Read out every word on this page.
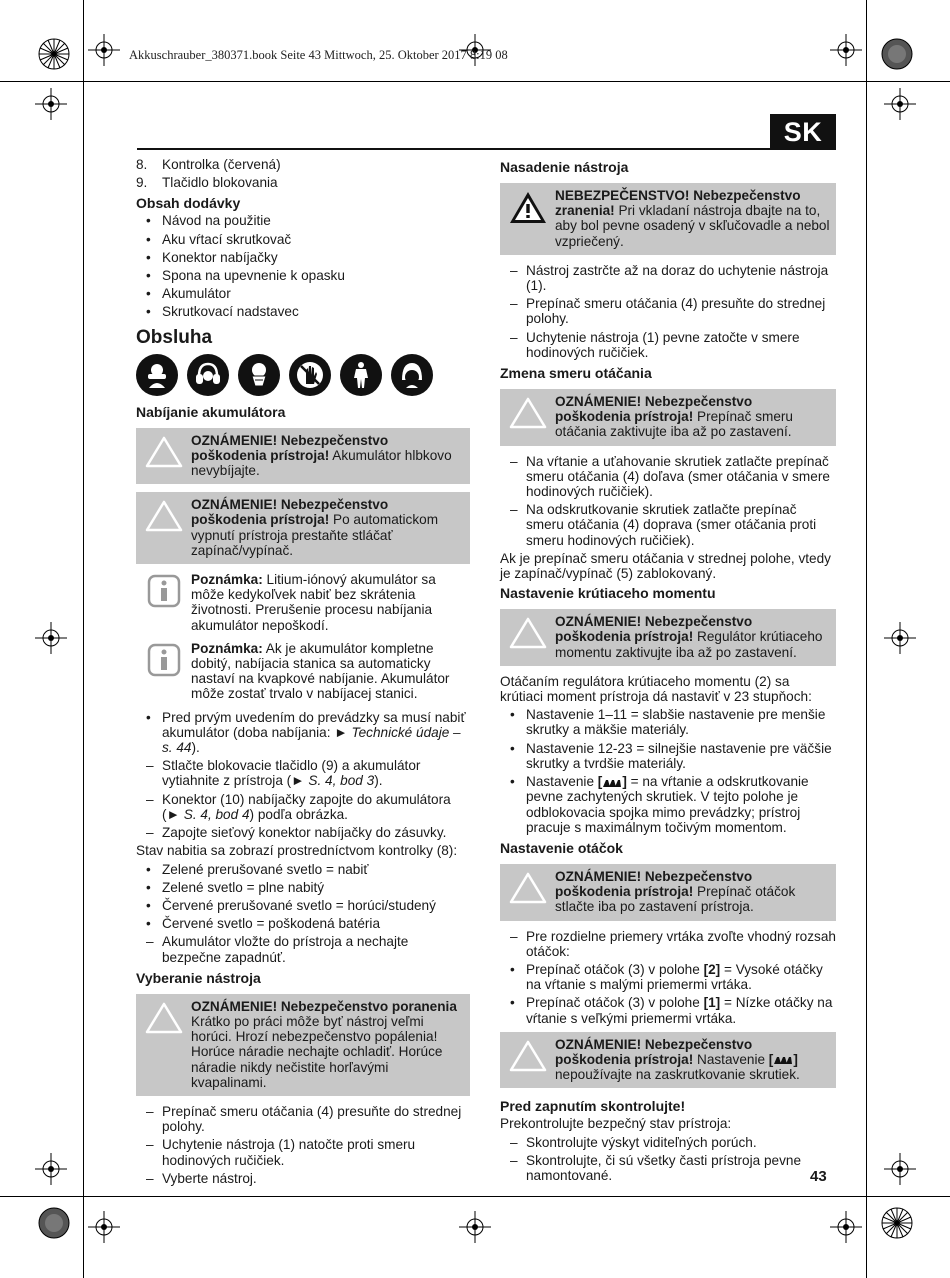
Akkuschrauber_380371.book Seite 43 Mittwoch, 25. Oktober 2017 8:19 08
SK
8.	Kontrolka (červená)
9.	Tlačidlo blokovania
Obsah dodávky
• Návod na použitie
• Aku vŕtací skrutkovač
• Konektor nabíjačky
• Spona na upevnenie k opasku
• Akumulátor
• Skrutkovací nadstavec
Obsluha
Nabíjanie akumulátora
OZNÁMENIE! Nebezpečenstvo poškodenia prístroja! Akumulátor hlbkovo nevybíjajte.
OZNÁMENIE! Nebezpečenstvo poškodenia prístroja! Po automatickom vypnutí prístroja prestaňte stláčať zapínač/vypínač.
Poznámka: Litium-iónový akumulátor sa môže kedykoľvek nabiť bez skrátenia životnosti. Prerušenie procesu nabíjania akumulátor nepoškodí.
Poznámka: Ak je akumulátor kompletne dobitý, nabíjacia stanica sa automaticky nastaví na kvapkové nabíjanie. Akumulátor môže zostať trvalo v nabíjacej stanici.
• Pred prvým uvedením do prevádzky sa musí nabiť akumulátor (doba nabíjania: ► Technické údaje – s. 44).
– Stlačte blokovacie tlačidlo (9) a akumulátor vytiahnite z prístroja (► S. 4, bod 3).
– Konektor (10) nabíjačky zapojte do akumulátora (► S. 4, bod 4) podľa obrázka.
– Zapojte sieťový konektor nabíjačky do zásuvky.

Stav nabitia sa zobrazí prostredníctvom kontrolky (8):

• Zelené prerušované svetlo = nabiť
• Zelené svetlo = plne nabitý
• Červené prerušované svetlo = horúci/studený
• Červené svetlo = poškodená batéria
– Akumulátor vložte do prístroja a nechajte bezpečne zapadnúť.
Vyberanie nástroja
OZNÁMENIE! Nebezpečenstvo poranenia Krátko po práci môže byť nástroj veľmi horúci. Hrozí nebezpečenstvo popálenia! Horúce náradie nechajte ochladiť. Horúce náradie nikdy nečistite horľavými kvapalinami.
– Prepínač smeru otáčania (4) presuňte do strednej polohy.
– Uchytenie nástroja (1) natočte proti smeru hodinových ručičiek.
– Vyberte nástroj.
Nasadenie nástroja
NEBEZPEČENSTVO! Nebezpečenstvo zranenia! Pri vkladaní nástroja dbajte na to, aby bol pevne osadený v skľučovadle a nebol vzpriečený.
– Nástroj zastrčte až na doraz do uchytenie nástroja (1).
– Prepínač smeru otáčania (4) presuňte do strednej polohy.
– Uchytenie nástroja (1) pevne zatočte v smere hodinových ručičiek.
Zmena smeru otáčania
OZNÁMENIE! Nebezpečenstvo poškodenia prístroja! Prepínač smeru otáčania zaktivujte iba až po zastavení.
– Na vŕtanie a uťahovanie skrutiek zatlačte prepínač smeru otáčania (4) doľava (smer otáčania v smere hodinových ručičiek).
– Na odskrutkovanie skrutiek zatlačte prepínač smeru otáčania (4) doprava (smer otáčania proti smeru hodinových ručičiek).

Ak je prepínač smeru otáčania v strednej polohe, vtedy je zapínač/vypínač (5) zablokovaný.

Nastavenie krútiaceho momentu
OZNÁMENIE! Nebezpečenstvo poškodenia prístroja! Regulátor krútiaceho momentu zaktivujte iba až po zastavení.

Otáčaním regulátora krútiaceho momentu (2) sa krútiaci moment prístroja dá nastaviť v 23 stupňoch:

• Nastavenie 1–11 = slabšie nastavenie pre menšie skrutky a mäkšie materiály.
• Nastavenie 12-23 = silnejšie nastavenie pre väčšie skrutky a tvrdšie materiály.
• Nastavenie [ ] = na vŕtanie a odskrutkovanie pevne zachytených skrutiek. V tejto polohe je odblokovacia spojka mimo prevádzky; prístroj pracuje s maximálnym točivým momentom.
Nastavenie otáčok
OZNÁMENIE! Nebezpečenstvo poškodenia prístroja! Prepínač otáčok stlačte iba po zastavení prístroja.
– Pre rozdielne priemery vrtáka zvoľte vhodný rozsah otáčok:
• Prepínač otáčok (3) v polohe [2] = Vysoké otáčky na vŕtanie s malými priemermi vrtáka.
• Prepínač otáčok (3) v polohe [1] = Nízke otáčky na vŕtanie s veľkými priemermi vrtáka.
OZNÁMENIE! Nebezpečenstvo poškodenia prístroja! Nastavenie [ ] nepoužívajte na zaskrutkovanie skrutiek.
Pred zapnutím skontrolujte!

Prekontrolujte bezpečný stav prístroja:

– Skontrolujte výskyt viditeľných porúch.
– Skontrolujte, či sú všetky časti prístroja pevne namontované.	43
